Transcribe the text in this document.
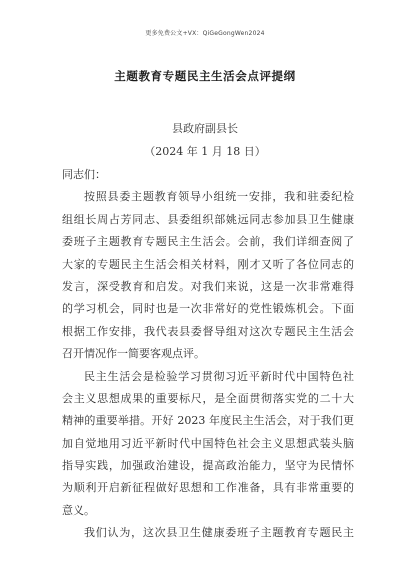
更多免费公文+VX：QiGeGongWen2024
主题教育专题民主生活会点评提纲
县政府副县长
（2024 年 1 月 18 日）
同志们：
按照县委主题教育领导小组统一安排，我和驻委纪检
组组长周占芳同志、县委组织部姚远同志参加县卫生健康
委班子主题教育专题民主生活会。会前，我们详细查阅了
大家的专题民主生活会相关材料，刚才又听了各位同志的
发言，深受教育和启发。对我们来说，这是一次非常难得
的学习机会，同时也是一次非常好的党性锻炼机会。下面
根据工作安排，我代表县委督导组对这次专题民主生活会
召开情况作一简要客观点评。
民主生活会是检验学习贯彻习近平新时代中国特色社
会主义思想成果的重要标尺，是全面贯彻落实党的二十大
精神的重要举措。开好 2023 年度民主生活会，对于我们更
加自觉地用习近平新时代中国特色社会主义思想武装头脑
指导实践，加强政治建设，提高政治能力，坚守为民情怀
为顺利开启新征程做好思想和工作准备，具有非常重要的
意义。
我们认为，这次县卫生健康委班子主题教育专题民主
